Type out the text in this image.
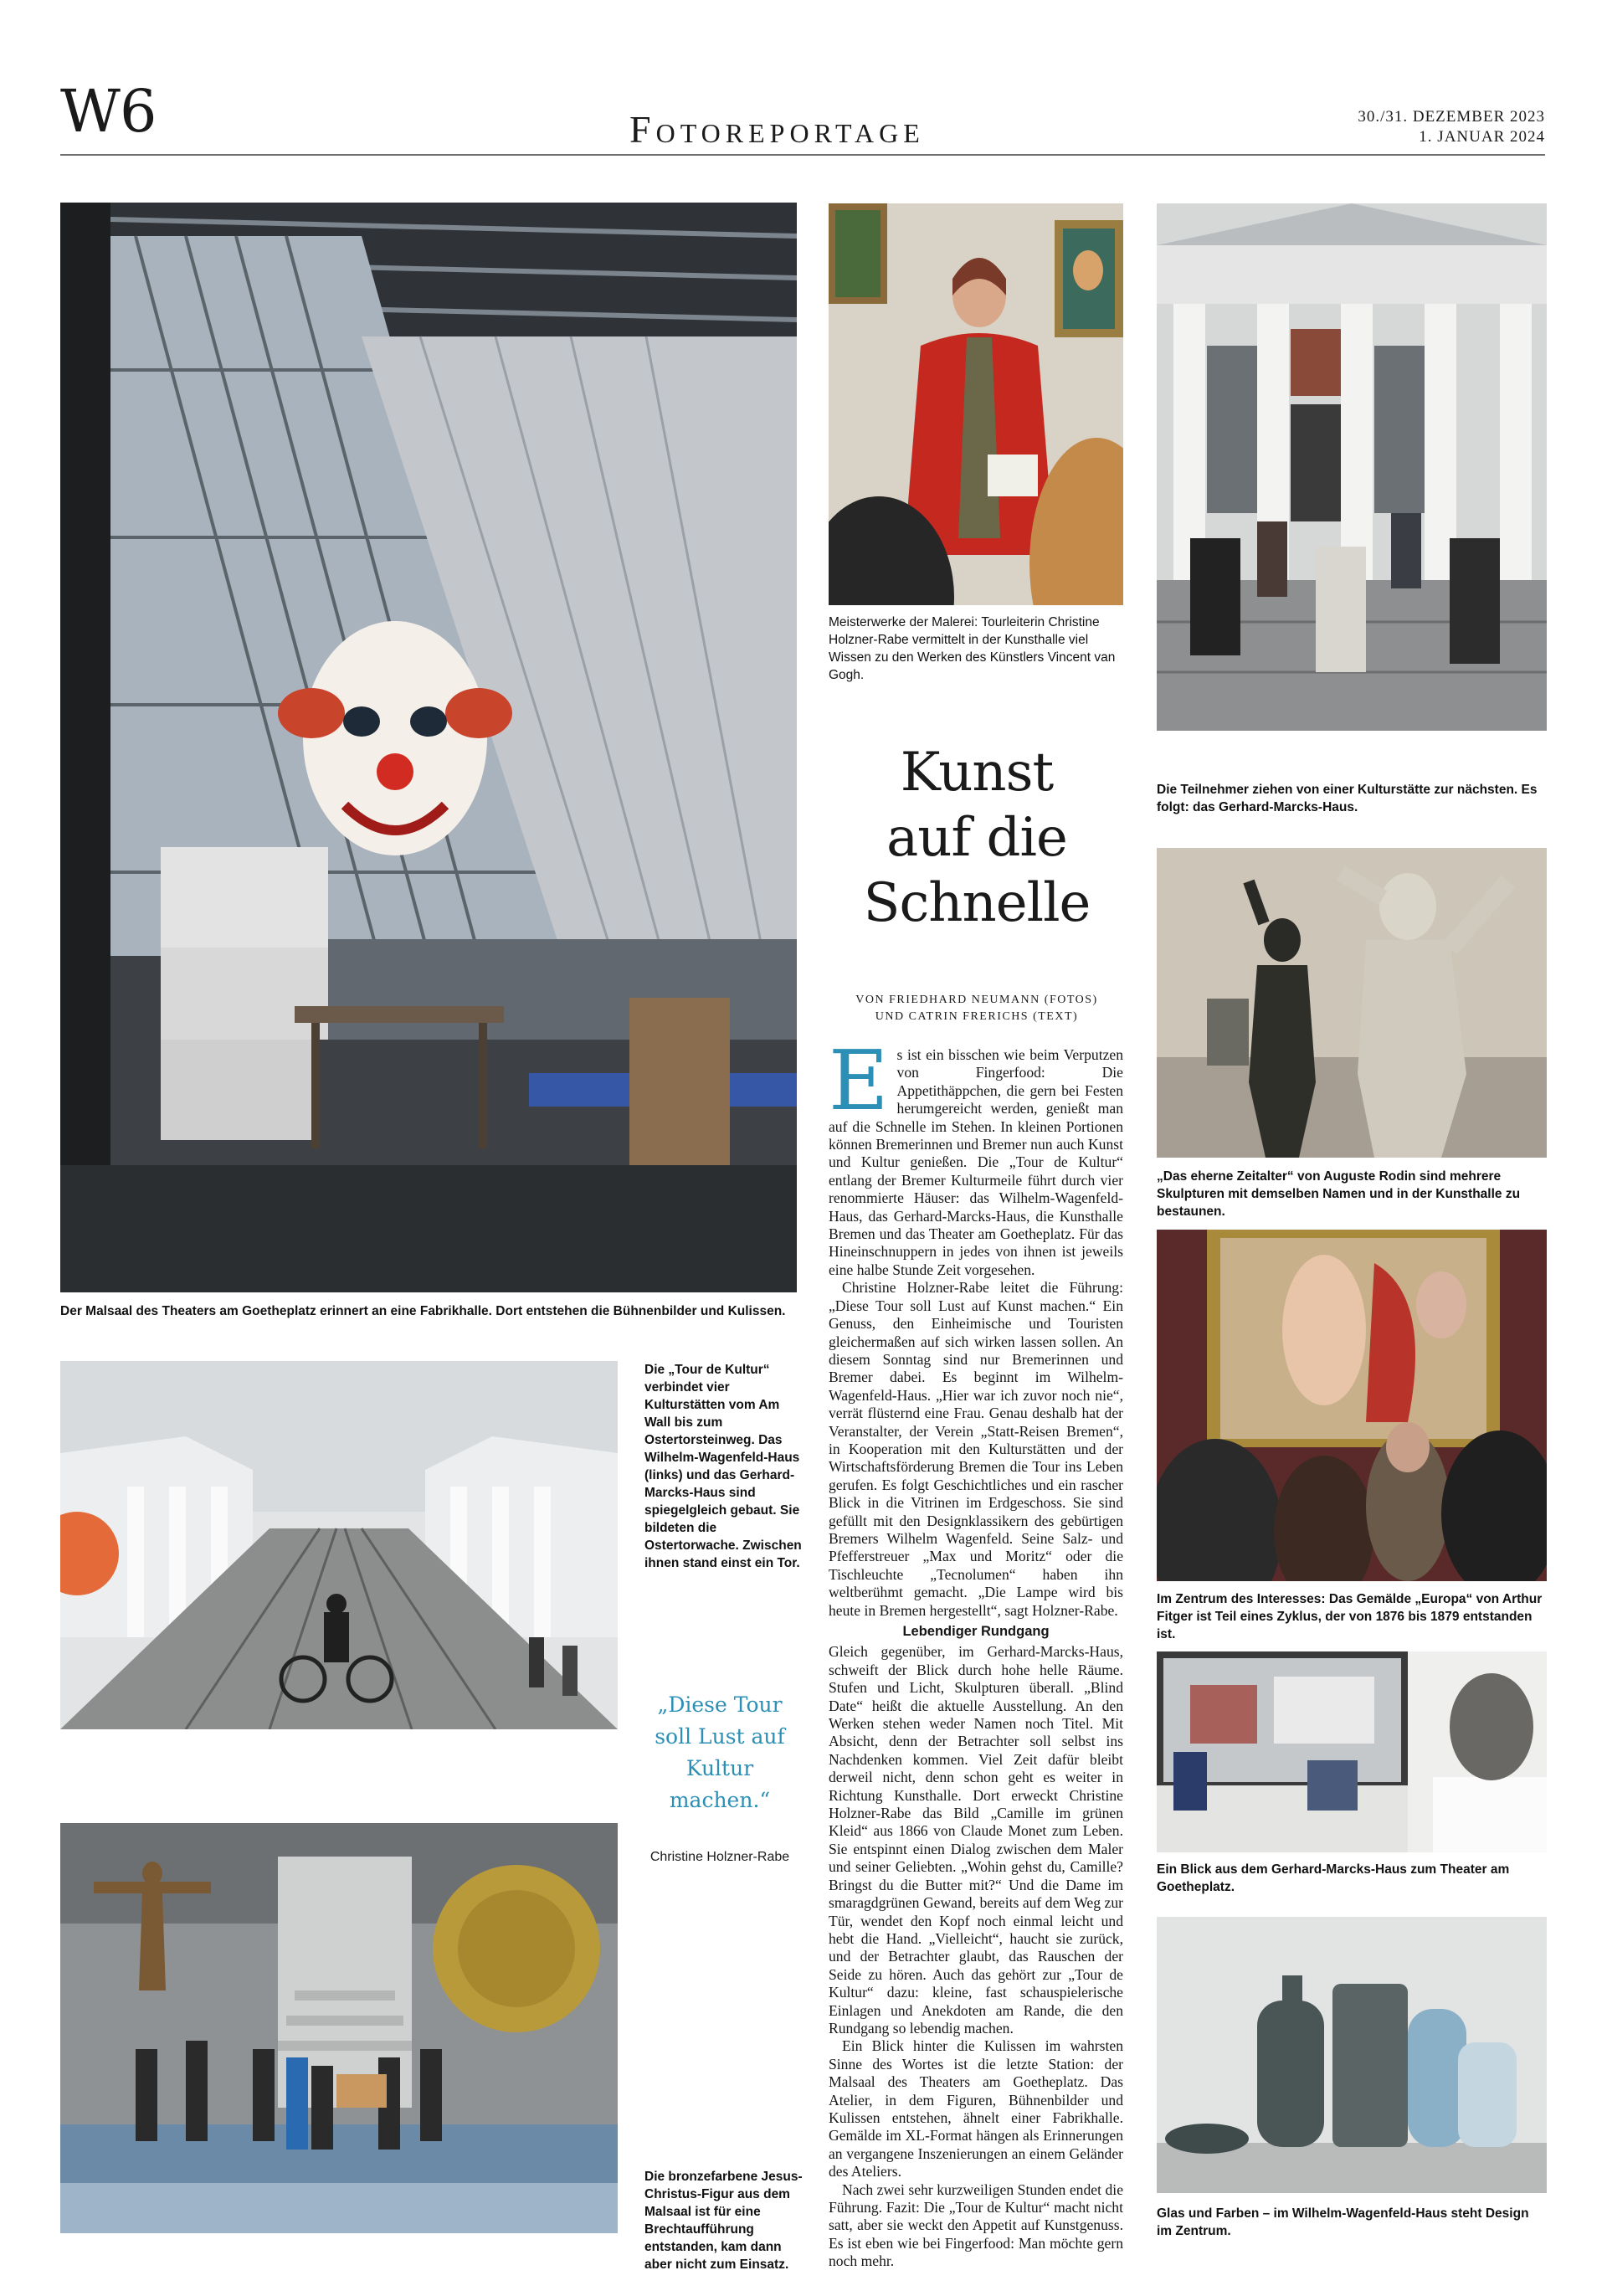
W6	Fotoreportage	30./31. DEZEMBER 2023
1. JANUAR 2024
Der Malsaal des Theaters am Goetheplatz erinnert an eine Fabrikhalle. Dort entstehen die Bühnenbilder und Kulissen.
Meisterwerke der Malerei: Tourleiterin Christine Holzner-Rabe vermittelt in der Kunsthalle viel Wissen zu den Werken des Künstlers Vincent van Gogh.
Die Teilnehmer ziehen von einer Kulturstätte zur nächsten. Es folgt: das Gerhard-Marcks-Haus.
Kunst
auf die
Schnelle
VON FRIEDHARD NEUMANN (FOTOS)
UND CATRIN FRERICHS (TEXT)

Es ist ein bisschen wie beim Verputzen von Fingerfood: Die Appetithäppchen, die gern bei Festen herumgereicht werden, genießt man auf die Schnelle im Stehen. In kleinen Portionen können Bremerinnen und Bremer nun auch Kunst und Kultur genießen. Die „Tour de Kultur“ entlang der Bremer Kulturmeile führt durch vier renommierte Häuser: das Wilhelm-Wagenfeld-Haus, das Gerhard-Marcks-Haus, die Kunsthalle Bremen und das Theater am Goetheplatz. Für das Hineinschnuppern in jedes von ihnen ist jeweils eine halbe Stunde Zeit vorgesehen.

Christine Holzner-Rabe leitet die Führung: „Diese Tour soll Lust auf Kunst machen.“ Ein Genuss, den Einheimische und Touristen gleichermaßen auf sich wirken lassen sollen. An diesem Sonntag sind nur Bremerinnen und Bremer dabei. Es beginnt im Wilhelm-Wagenfeld-Haus. „Hier war ich zuvor noch nie“, verrät flüsternd eine Frau. Genau deshalb hat der Veranstalter, der Verein „Statt-Reisen Bremen“, in Kooperation mit den Kulturstätten und der Wirtschaftsförderung Bremen die Tour ins Leben gerufen. Es folgt Geschichtliches und ein rascher Blick in die Vitrinen im Erdgeschoss. Sie sind gefüllt mit den Designklassikern des gebürtigen Bremers Wilhelm Wagenfeld. Seine Salz- und Pfefferstreuer „Max und Moritz“ oder die Tischleuchte „Tecnolumen“ haben ihn weltberühmt gemacht. „Die Lampe wird bis heute in Bremen hergestellt“, sagt Holzner-Rabe.

Lebendiger Rundgang

Gleich gegenüber, im Gerhard-Marcks-Haus, schweift der Blick durch hohe helle Räume. Stufen und Licht, Skulpturen überall. „Blind Date“ heißt die aktuelle Ausstellung. An den Werken stehen weder Namen noch Titel. Mit Absicht, denn der Betrachter soll selbst ins Nachdenken kommen. Viel Zeit dafür bleibt derweil nicht, denn schon geht es weiter in Richtung Kunsthalle. Dort erweckt Christine Holzner-Rabe das Bild „Camille im grünen Kleid“ aus 1866 von Claude Monet zum Leben. Sie entspinnt einen Dialog zwischen dem Maler und seiner Geliebten. „Wohin gehst du, Camille? Bringst du die Butter mit?“ Und die Dame im smaragdgrünen Gewand, bereits auf dem Weg zur Tür, wendet den Kopf noch einmal leicht und hebt die Hand. „Vielleicht“, haucht sie zurück, und der Betrachter glaubt, das Rauschen der Seide zu hören. Auch das gehört zur „Tour de Kultur“ dazu: kleine, fast schauspielerische Einlagen und Anekdoten am Rande, die den Rundgang so lebendig machen.

Ein Blick hinter die Kulissen im wahrsten Sinne des Wortes ist die letzte Station: der Malsaal des Theaters am Goetheplatz. Das Atelier, in dem Figuren, Bühnenbilder und Kulissen entstehen, ähnelt einer Fabrikhalle. Gemälde im XL-Format hängen als Erinnerungen an vergangene Inszenierungen an einem Geländer des Ateliers.

Nach zwei sehr kurzweiligen Stunden endet die Führung. Fazit: Die „Tour de Kultur“ macht nicht satt, aber sie weckt den Appetit auf Kunstgenuss. Es ist eben wie bei Fingerfood: Man möchte gern noch mehr.

„Das eherne Zeitalter“ von Auguste Rodin sind mehrere Skulpturen mit demselben Namen und in der Kunsthalle zu bestaunen.
Im Zentrum des Interesses: Das Gemälde „Europa“ von Arthur Fitger ist Teil eines Zyklus, der von 1876 bis 1879 entstanden ist.
Die „Tour de Kultur“ verbindet vier Kulturstätten vom Am Wall bis zum Ostertorsteinweg. Das Wilhelm-Wagenfeld-Haus (links) und das Gerhard-Marcks-Haus sind spiegelgleich gebaut. Sie bildeten die Ostertorwache. Zwischen ihnen stand einst ein Tor.
„Diese Tour soll Lust auf Kultur machen.“
Christine Holzner-Rabe
Ein Blick aus dem Gerhard-Marcks-Haus zum Theater am Goetheplatz.
Die bronzefarbene Jesus-Christus-Figur aus dem Malsaal ist für eine Brechtaufführung entstanden, kam dann aber nicht zum Einsatz.
Glas und Farben – im Wilhelm-Wagenfeld-Haus steht Design im Zentrum.
